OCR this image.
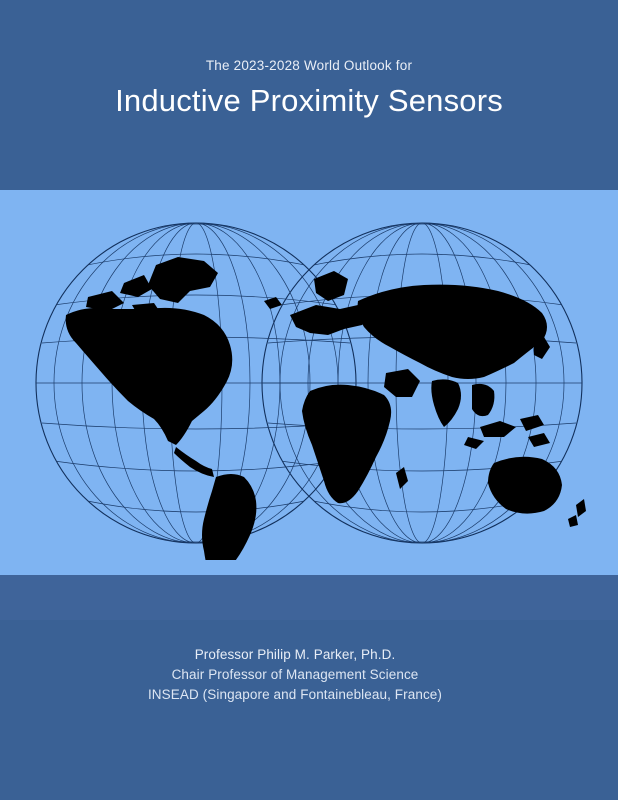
The 2023-2028 World Outlook for
Inductive Proximity Sensors
Professor Philip M. Parker, Ph.D.
Chair Professor of Management Science
INSEAD (Singapore and Fontainebleau, France)
